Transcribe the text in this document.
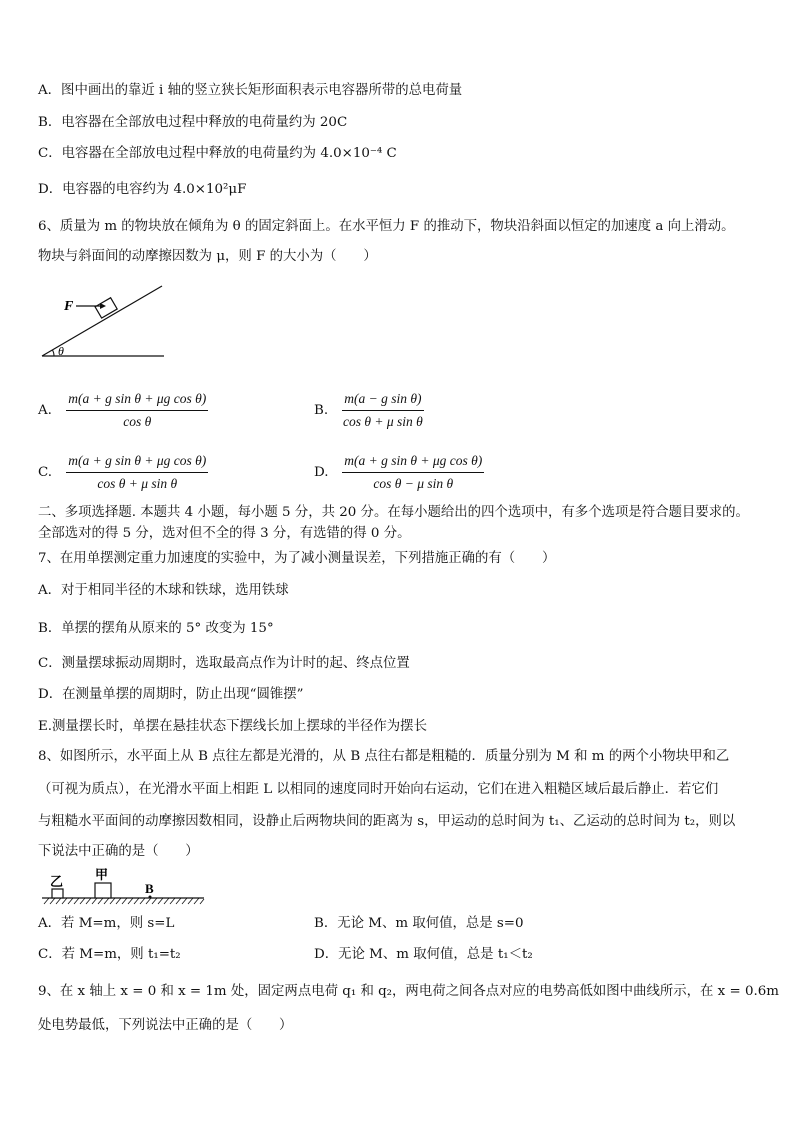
A．图中画出的靠近 i 轴的竖立狭长矩形面积表示电容器所带的总电荷量
B．电容器在全部放电过程中释放的电荷量约为 20C
C．电容器在全部放电过程中释放的电荷量约为 4.0×10⁻⁴ C
D．电容器的电容约为 4.0×10²μF
6、质量为 m 的物块放在倾角为 θ 的固定斜面上。在水平恒力 F 的推动下，物块沿斜面以恒定的加速度 a 向上滑动。
物块与斜面间的动摩擦因数为 μ，则 F 的大小为（　　）
θ
F
A. $\frac{\text{m(a + g sin θ + μg cos θ)}}{\text{cos θ}}$	B. $\frac{\text{m(a − g sin θ)}}{\text{cos θ + μ sin θ}}$
C. $\frac{\text{m(a + g sin θ + μg cos θ)}}{\text{cos θ + μ sin θ}}$	D. $\frac{\text{m(a + g sin θ + μg cos θ)}}{\text{cos θ − μ sin θ}}$
二、多项选择题. 本题共 4 小题，每小题 5 分，共 20 分。在每小题给出的四个选项中，有多个选项是符合题目要求的。
全部选对的得 5 分，选对但不全的得 3 分，有选错的得 0 分。
7、在用单摆测定重力加速度的实验中，为了减小测量误差，下列措施正确的有（　　）
A．对于相同半径的木球和铁球，选用铁球
B．单摆的摆角从原来的 5° 改变为 15°
C．测量摆球振动周期时，选取最高点作为计时的起、终点位置
D．在测量单摆的周期时，防止出现“圆锥摆”
E.测量摆长时，单摆在悬挂状态下摆线长加上摆球的半径作为摆长
8、如图所示，水平面上从 B 点往左都是光滑的，从 B 点往右都是粗糙的．质量分别为 M 和 m 的两个小物块甲和乙
（可视为质点），在光滑水平面上相距 L 以相同的速度同时开始向右运动，它们在进入粗糙区域后最后静止．若它们
与粗糙水平面间的动摩擦因数相同，设静止后两物块间的距离为 s，甲运动的总时间为 t₁、乙运动的总时间为 t₂，则以
下说法中正确的是（　　）
乙 甲
B
A．若 M=m，则 s=L	B．无论 M、m 取何值，总是 s=0
C．若 M=m，则 t₁=t₂	D．无论 M、m 取何值，总是 t₁＜t₂
9、在 x 轴上 x = 0 和 x = 1m 处，固定两点电荷 q₁ 和 q₂，两电荷之间各点对应的电势高低如图中曲线所示，在 x = 0.6m
处电势最低，下列说法中正确的是（　　）
